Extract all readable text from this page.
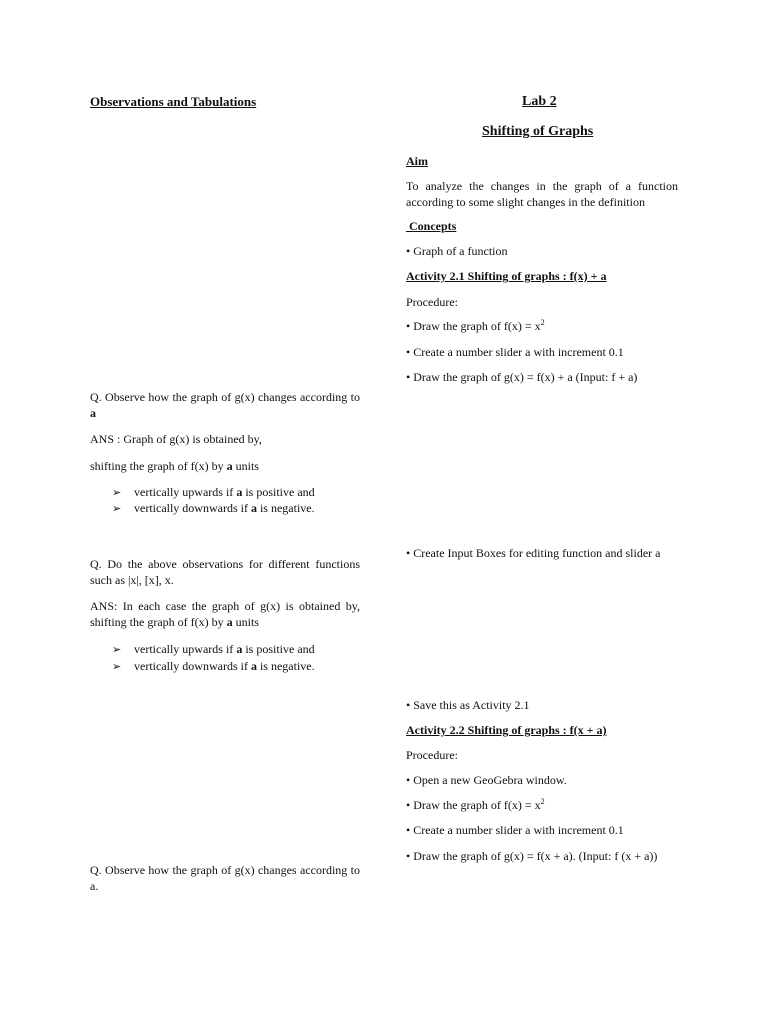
Observations and Tabulations
Q. Observe how the graph of g(x) changes according to a
ANS : Graph of g(x) is obtained by,
shifting the graph of f(x) by a units
➢ vertically upwards if a is positive and
➢ vertically downwards if a is negative.
Q. Do the above observations for different functions such as |x|, [x], x.
ANS: In each case the graph of g(x) is obtained by, shifting the graph of f(x) by a units
➢ vertically upwards if a is positive and
➢ vertically downwards if a is negative.
Q. Observe how the graph of g(x) changes according to a.
Lab 2
Shifting of Graphs
Aim
To analyze the changes in the graph of a function according to some slight changes in the definition
Concepts
• Graph of a function
Activity 2.1 Shifting of graphs : f(x) + a
Procedure:
• Draw the graph of $f(x) = x^2$
• Create a number slider a with increment 0.1
• Draw the graph of g(x) = f(x) + a (Input: f + a)
• Create Input Boxes for editing function and slider a
• Save this as Activity 2.1
Activity 2.2 Shifting of graphs : f(x + a)
Procedure:
• Open a new GeoGebra window.
• Draw the graph of $f(x) = x^2$
• Create a number slider a with increment 0.1
• Draw the graph of g(x) = f(x + a). (Input: f (x + a))
